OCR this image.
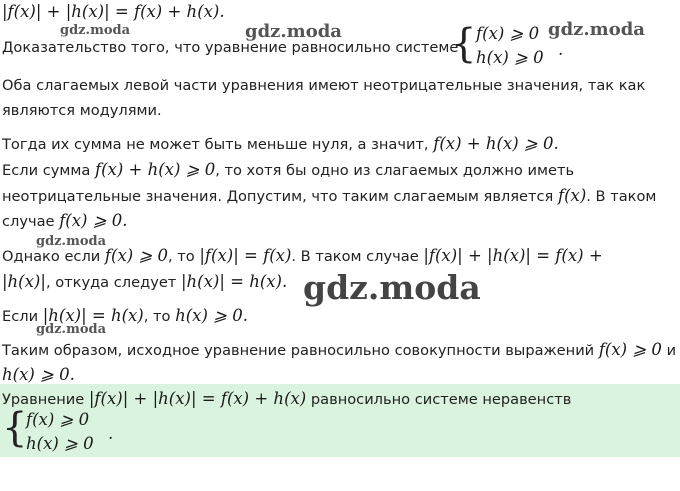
|f(x)| + |h(x)| = f(x) + h(x).
Доказательство того, что уравнение равносильно системе
{ f(x) ⩾ 0
h(x) ⩾ 0 .
Оба слагаемых левой части уравнения имеют неотрицательные значения, так как
являются модулями.
Тогда их сумма не может быть меньше нуля, а значит, f(x) + h(x) ⩾ 0.
Если сумма f(x) + h(x) ⩾ 0, то хотя бы одно из слагаемых должно иметь
неотрицательные значения. Допустим, что таким слагаемым является f(x). В таком
случае f(x) ⩾ 0.
Однако если f(x) ⩾ 0, то |f(x)| = f(x). В таком случае |f(x)| + |h(x)| = f(x) +
|h(x)|, откуда следует |h(x)| = h(x).
Если |h(x)| = h(x), то h(x) ⩾ 0.
Таким образом, исходное уравнение равносильно совокупности выражений f(x) ⩾ 0 и
h(x) ⩾ 0.
Уравнение |f(x)| + |h(x)| = f(x) + h(x) равносильно системе неравенств
{
f(x) ⩾ 0
h(x) ⩾ 0
.
gdz.moda	gdz.moda	gdz.moda
gdz.moda
gdz.moda
gdz.moda
